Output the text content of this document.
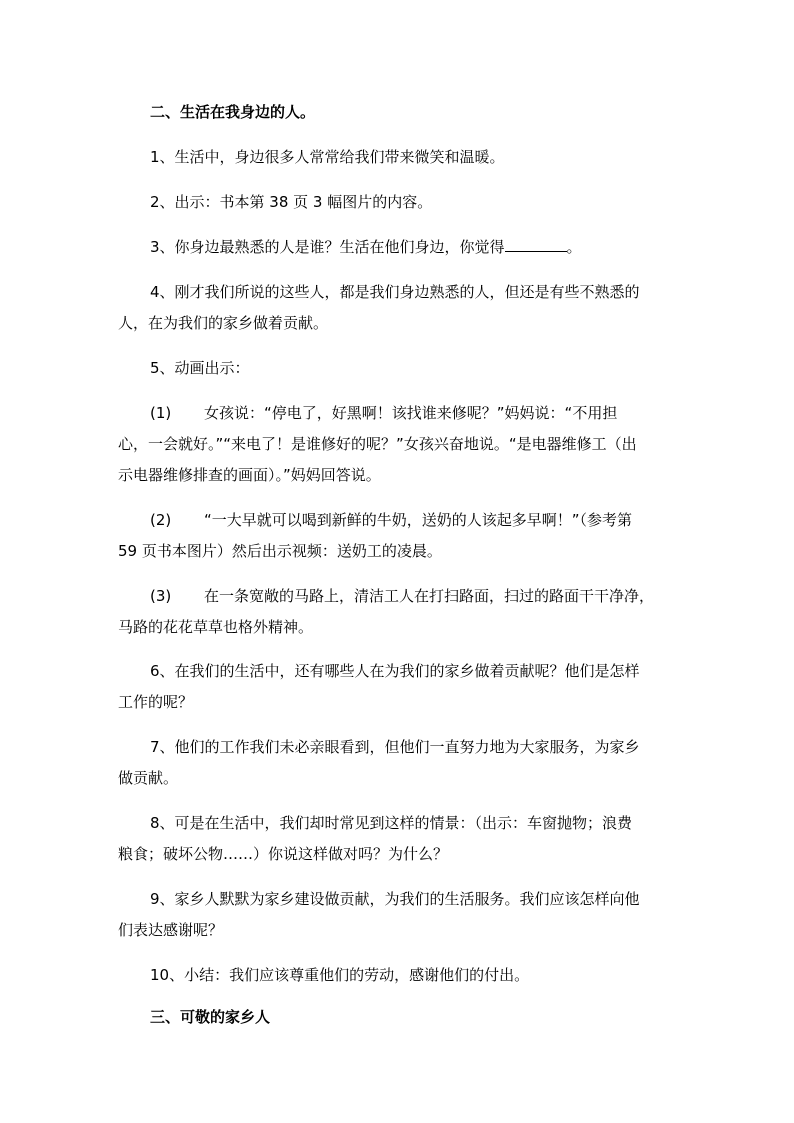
二、生活在我身边的人。
1、生活中，身边很多人常常给我们带来微笑和温暖。
2、出示：书本第 38 页 3 幅图片的内容。
3、你身边最熟悉的人是谁？生活在他们身边，你觉得	。
4、刚才我们所说的这些人，都是我们身边熟悉的人，但还是有些不熟悉的
人，在为我们的家乡做着贡献。
5、动画出示：
(1) 女孩说：“停电了，好黑啊！该找谁来修呢？”妈妈说：“不用担
心，一会就好。”“来电了！是谁修好的呢？”女孩兴奋地说。“是电器维修工（出
示电器维修排查的画面）。”妈妈回答说。
(2) “一大早就可以喝到新鲜的牛奶，送奶的人该起多早啊！”（参考第
59 页书本图片）然后出示视频：送奶工的凌晨。
(3) 在一条宽敞的马路上，清洁工人在打扫路面，扫过的路面干干净净，
马路的花花草草也格外精神。
6、在我们的生活中，还有哪些人在为我们的家乡做着贡献呢？他们是怎样
工作的呢？
7、他们的工作我们未必亲眼看到，但他们一直努力地为大家服务，为家乡
做贡献。
8、可是在生活中，我们却时常见到这样的情景：（出示：车窗抛物；浪费
粮食；破坏公物……）你说这样做对吗？为什么？
9、家乡人默默为家乡建设做贡献，为我们的生活服务。我们应该怎样向他
们表达感谢呢？
10、小结：我们应该尊重他们的劳动，感谢他们的付出。
三、可敬的家乡人
